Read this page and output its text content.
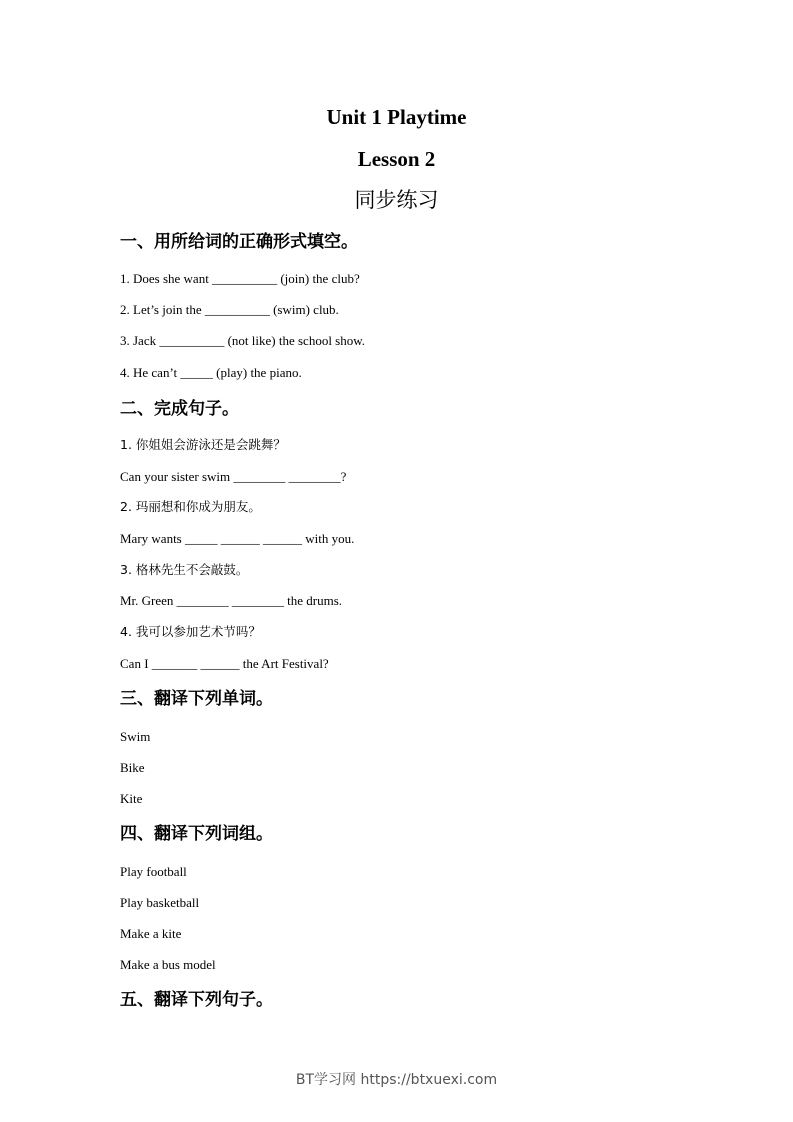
Unit 1 Playtime
Lesson 2
同步练习
一、用所给词的正确形式填空。
1. Does she want __________ (join) the club?
2. Let’s join the __________ (swim) club.
3. Jack __________ (not like) the school show.
4. He can’t _____ (play) the piano.
二、完成句子。
1. 你姐姐会游泳还是会跳舞？
Can your sister swim ________ ________?
2. 玛丽想和你成为朋友。
Mary wants _____ ______ ______ with you.
3. 格林先生不会敲鼓。
Mr. Green ________ ________ the drums.
4. 我可以参加艺术节吗？
Can I _______ ______ the Art Festival?
三、翻译下列单词。
Swim
Bike
Kite
四、翻译下列词组。
Play football
Play basketball
Make a kite
Make a bus model
五、翻译下列句子。
BT学习网 https://btxuexi.com
